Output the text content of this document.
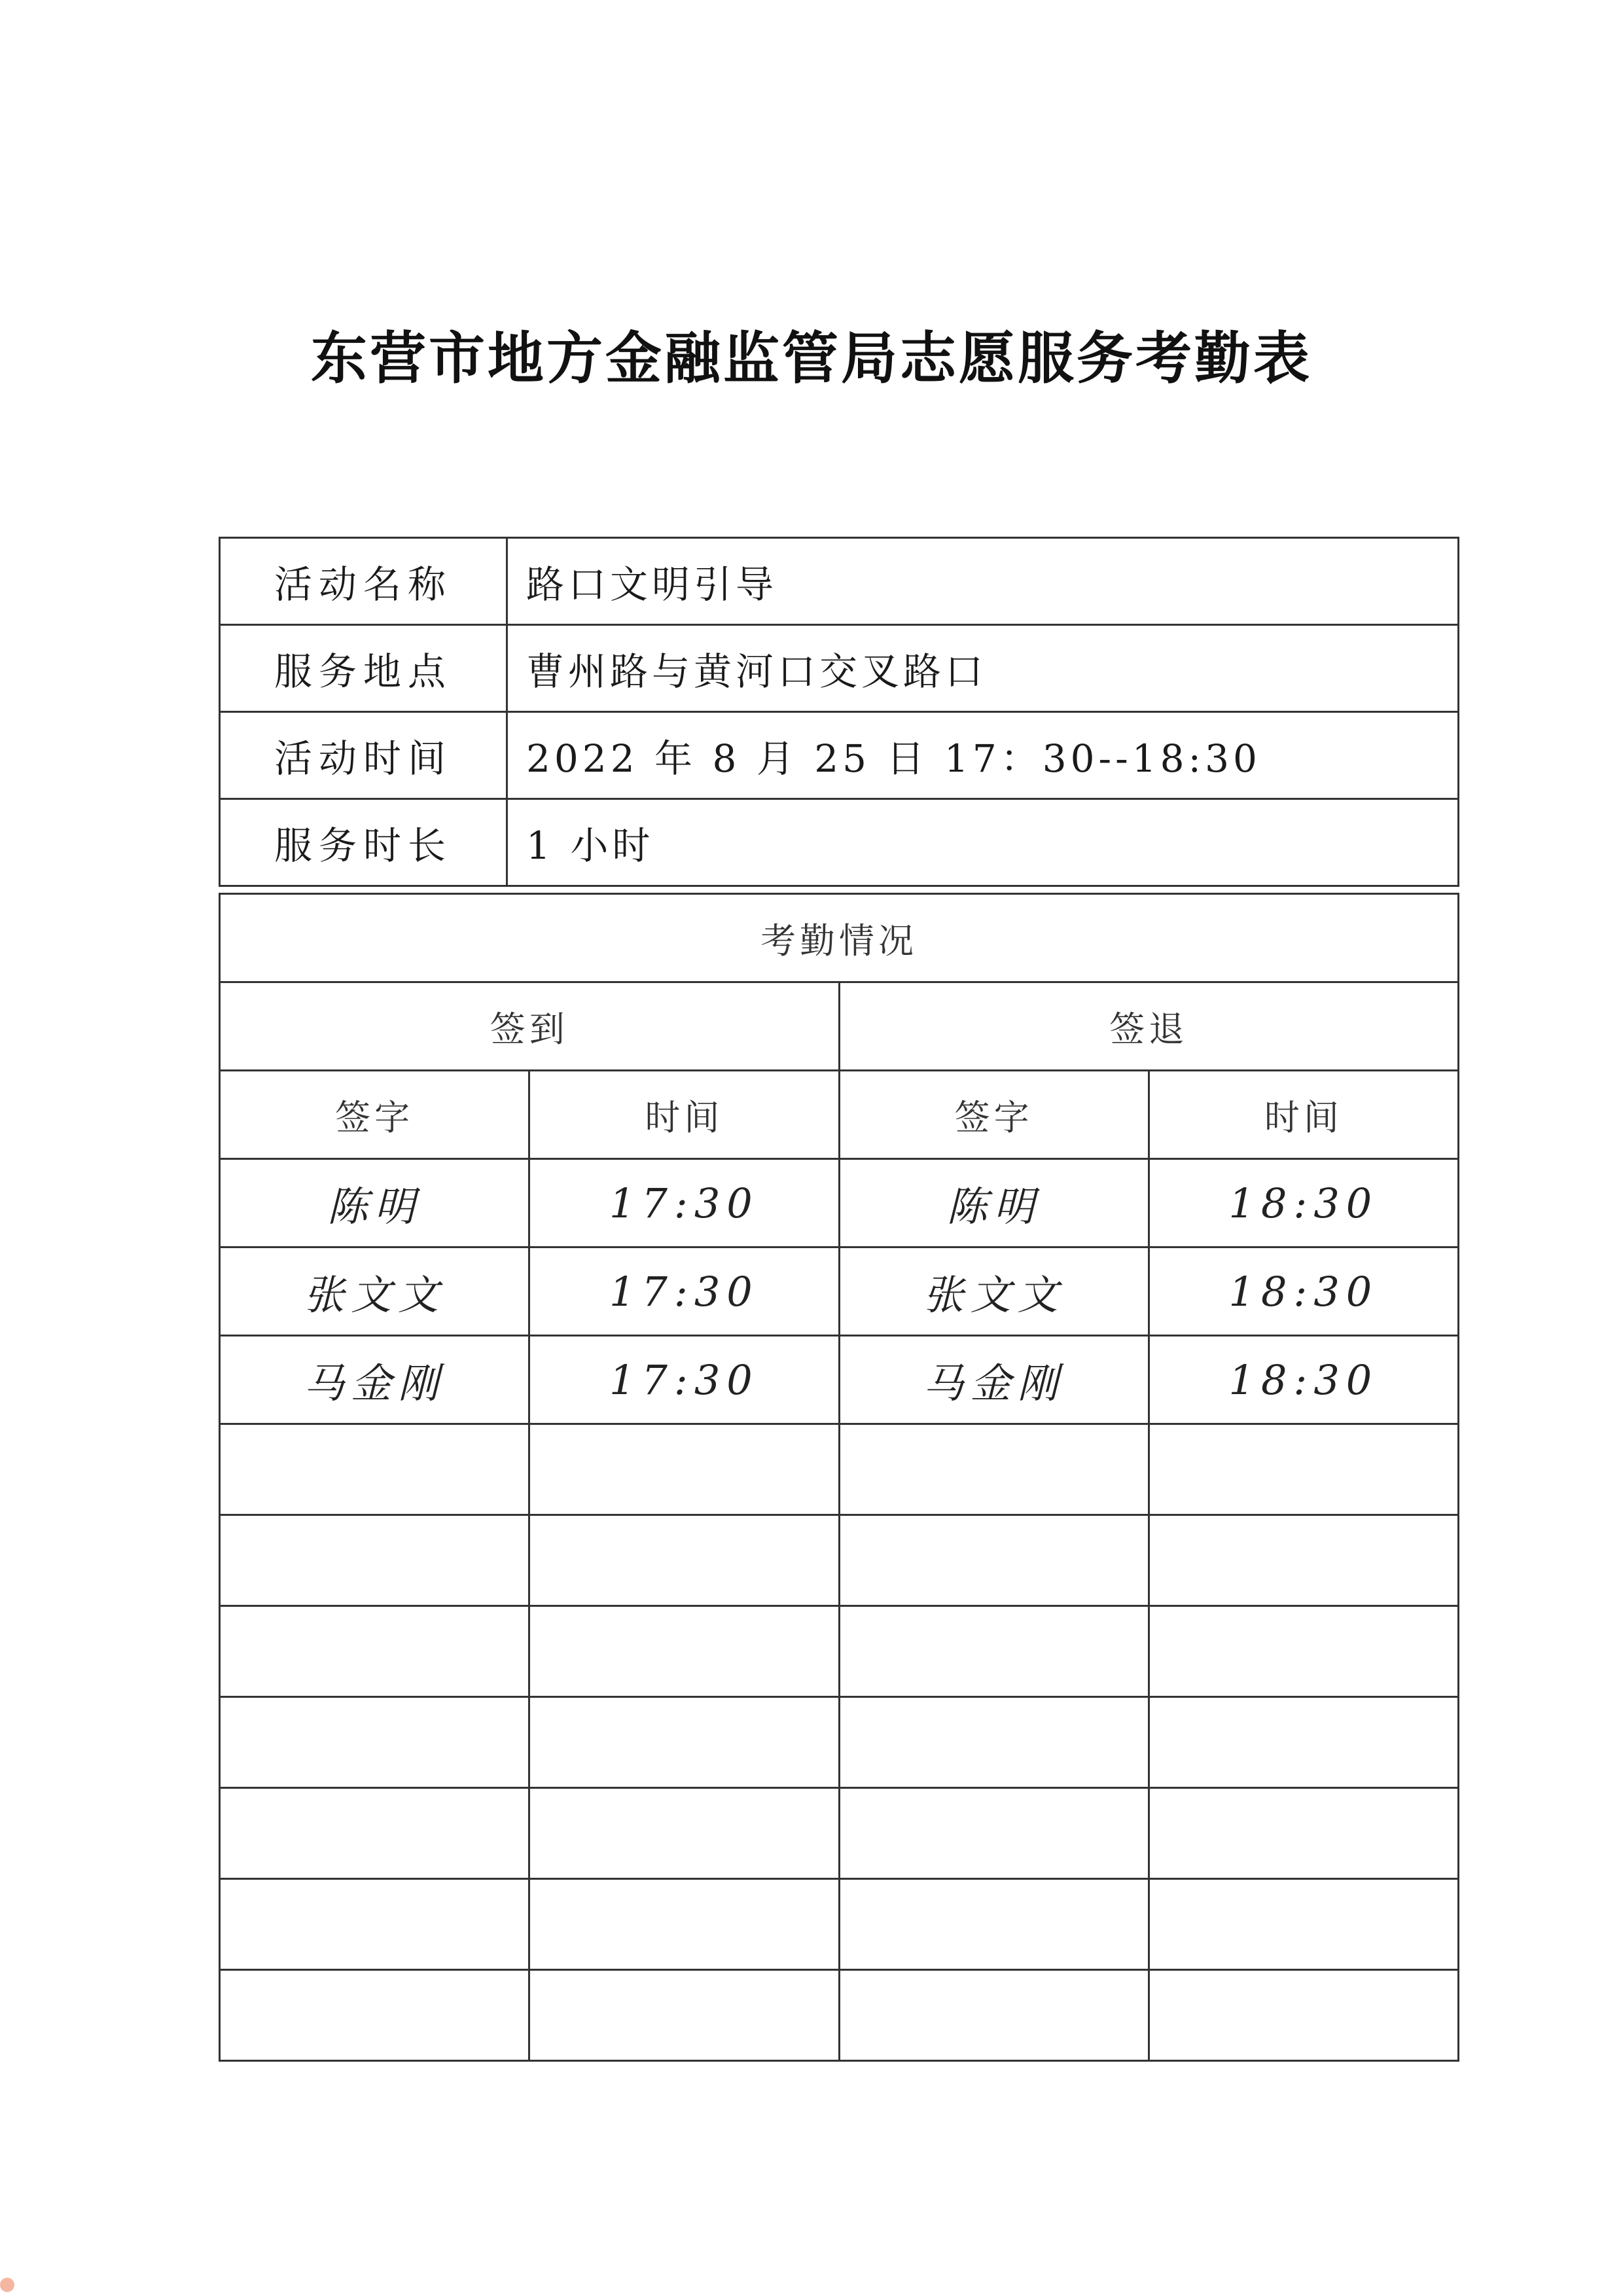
东营市地方金融监管局志愿服务考勤表
活动名称	路口文明引导
服务地点	曹州路与黄河口交叉路口
活动时间	2022 年 8 月 25 日 17：30--18:30
服务时长	1 小时
考勤情况			
签到		签退	
签字	时间	签字	时间
陈明	17:30	陈明	18:30
张文文	17:30	张文文	18:30
马金刚	17:30	马金刚	18:30
